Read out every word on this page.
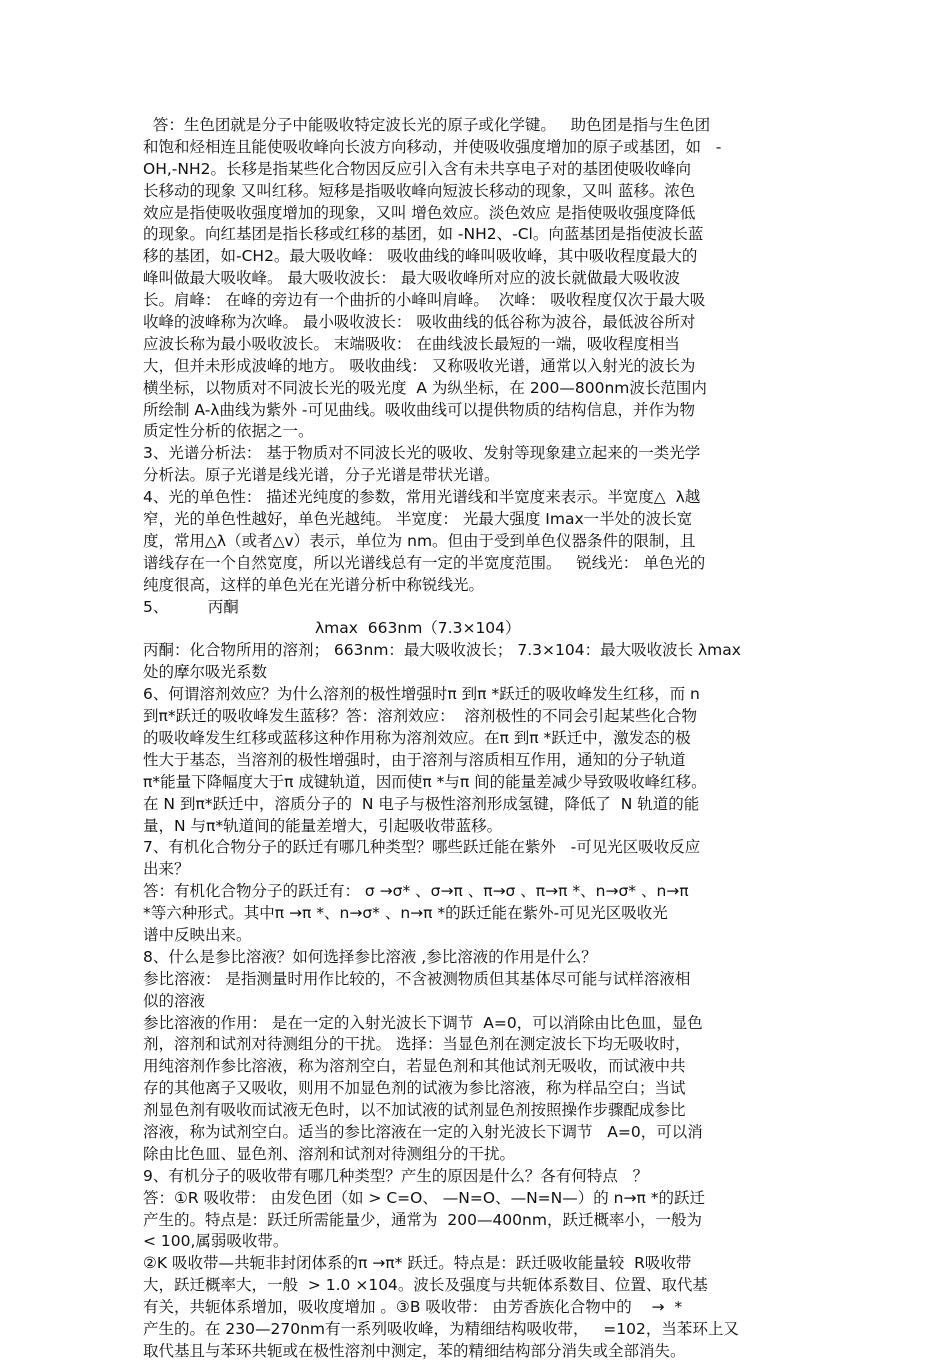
答：生色团就是分子中能吸收特定波长光的原子或化学键。   助色团是指与生色团
和饱和烃相连且能使吸收峰向长波方向移动，并使吸收强度增加的原子或基团，如   -
OH,-NH2。长移是指某些化合物因反应引入含有未共享电子对的基团使吸收峰向
长移动的现象 又叫红移。短移是指吸收峰向短波长移动的现象，又叫 蓝移。浓色
效应是指使吸收强度增加的现象，又叫 增色效应。淡色效应 是指使吸收强度降低
的现象。向红基团是指长移或红移的基团，如 -NH2、-Cl。向蓝基团是指使波长蓝
移的基团，如-CH2。最大吸收峰： 吸收曲线的峰叫吸收峰，其中吸收程度最大的
峰叫做最大吸收峰。 最大吸收波长： 最大吸收峰所对应的波长就做最大吸收波
长。肩峰： 在峰的旁边有一个曲折的小峰叫肩峰。  次峰： 吸收程度仅次于最大吸
收峰的波峰称为次峰。 最小吸收波长： 吸收曲线的低谷称为波谷，最低波谷所对
应波长称为最小吸收波长。 末端吸收： 在曲线波长最短的一端，吸收程度相当
大，但并未形成波峰的地方。 吸收曲线： 又称吸收光谱，通常以入射光的波长为
横坐标，以物质对不同波长光的吸光度  A 为纵坐标，在 200—800nm波长范围内
所绘制 A-λ曲线为紫外 -可见曲线。吸收曲线可以提供物质的结构信息，并作为物
质定性分析的依据之一。
3、光谱分析法： 基于物质对不同波长光的吸收、发射等现象建立起来的一类光学
分析法。原子光谱是线光谱，分子光谱是带状光谱。
4、光的单色性： 描述光纯度的参数，常用光谱线和半宽度来表示。半宽度△  λ越
窄，光的单色性越好，单色光越纯。 半宽度： 光最大强度 Imax一半处的波长宽
度，常用△λ（或者△v）表示，单位为 nm。但由于受到单色仪器条件的限制，且
谱线存在一个自然宽度，所以光谱线总有一定的半宽度范围。   锐线光： 单色光的
纯度很高，这样的单色光在光谱分析中称锐线光。
5、        丙酮
λmax  663nm（7.3×104）
丙酮：化合物所用的溶剂； 663nm：最大吸收波长； 7.3×104：最大吸收波长 λmax
处的摩尔吸光系数
6、何谓溶剂效应？为什么溶剂的极性增强时π 到π *跃迁的吸收峰发生红移，而 n
到π*跃迁的吸收峰发生蓝移？答：溶剂效应：  溶剂极性的不同会引起某些化合物
的吸收峰发生红移或蓝移这种作用称为溶剂效应。在π 到π *跃迁中，激发态的极
性大于基态，当溶剂的极性增强时，由于溶剂与溶质相互作用，通知的分子轨道
π*能量下降幅度大于π 成键轨道，因而使π *与π 间的能量差减少导致吸收峰红移。
在 N 到π*跃迁中，溶质分子的  N 电子与极性溶剂形成氢键，降低了  N 轨道的能
量，N 与π*轨道间的能量差增大，引起吸收带蓝移。
7、有机化合物分子的跃迁有哪几种类型？哪些跃迁能在紫外   -可见光区吸收反应
出来？
答：有机化合物分子的跃迁有： σ →σ* 、σ→π 、π→σ 、π→π *、n→σ* 、n→π
*等六种形式。其中π →π *、n→σ* 、n→π *的跃迁能在紫外-可见光区吸收光
谱中反映出来。
8、什么是参比溶液？如何选择参比溶液 ,参比溶液的作用是什么？
参比溶液： 是指测量时用作比较的，不含被测物质但其基体尽可能与试样溶液相
似的溶液
参比溶液的作用： 是在一定的入射光波长下调节  A=0，可以消除由比色皿，显色
剂，溶剂和试剂对待测组分的干扰。 选择：当显色剂在测定波长下均无吸收时，
用纯溶剂作参比溶液，称为溶剂空白，若显色剂和其他试剂无吸收，而试液中共
存的其他离子又吸收，则用不加显色剂的试液为参比溶液，称为样品空白；当试
剂显色剂有吸收而试液无色时，以不加试液的试剂显色剂按照操作步骤配成参比
溶液，称为试剂空白。适当的参比溶液在一定的入射光波长下调节   A=0，可以消
除由比色皿、显色剂、溶剂和试剂对待测组分的干扰。
9、有机分子的吸收带有哪几种类型？产生的原因是什么？各有何特点   ？
答：①R 吸收带： 由发色团（如 > C=O、 —N=O、—N=N—）的 n→π *的跃迁
产生的。特点是：跃迁所需能量少，通常为  200—400nm，跃迁概率小，一般为
< 100,属弱吸收带。
②K 吸收带—共轭非封闭体系的π →π* 跃迁。特点是：跃迁吸收能量较  R吸收带
大，跃迁概率大，一般  > 1.0 ×104。波长及强度与共轭体系数目、位置、取代基
有关，共轭体系增加，吸收度增加 。③B 吸收带： 由芳香族化合物中的    →  *
产生的。在 230—270nm有一系列吸收峰，为精细结构吸收带，   =102，当苯环上又
取代基且与苯环共轭或在极性溶剂中测定，苯的精细结构部分消失或全部消失。
